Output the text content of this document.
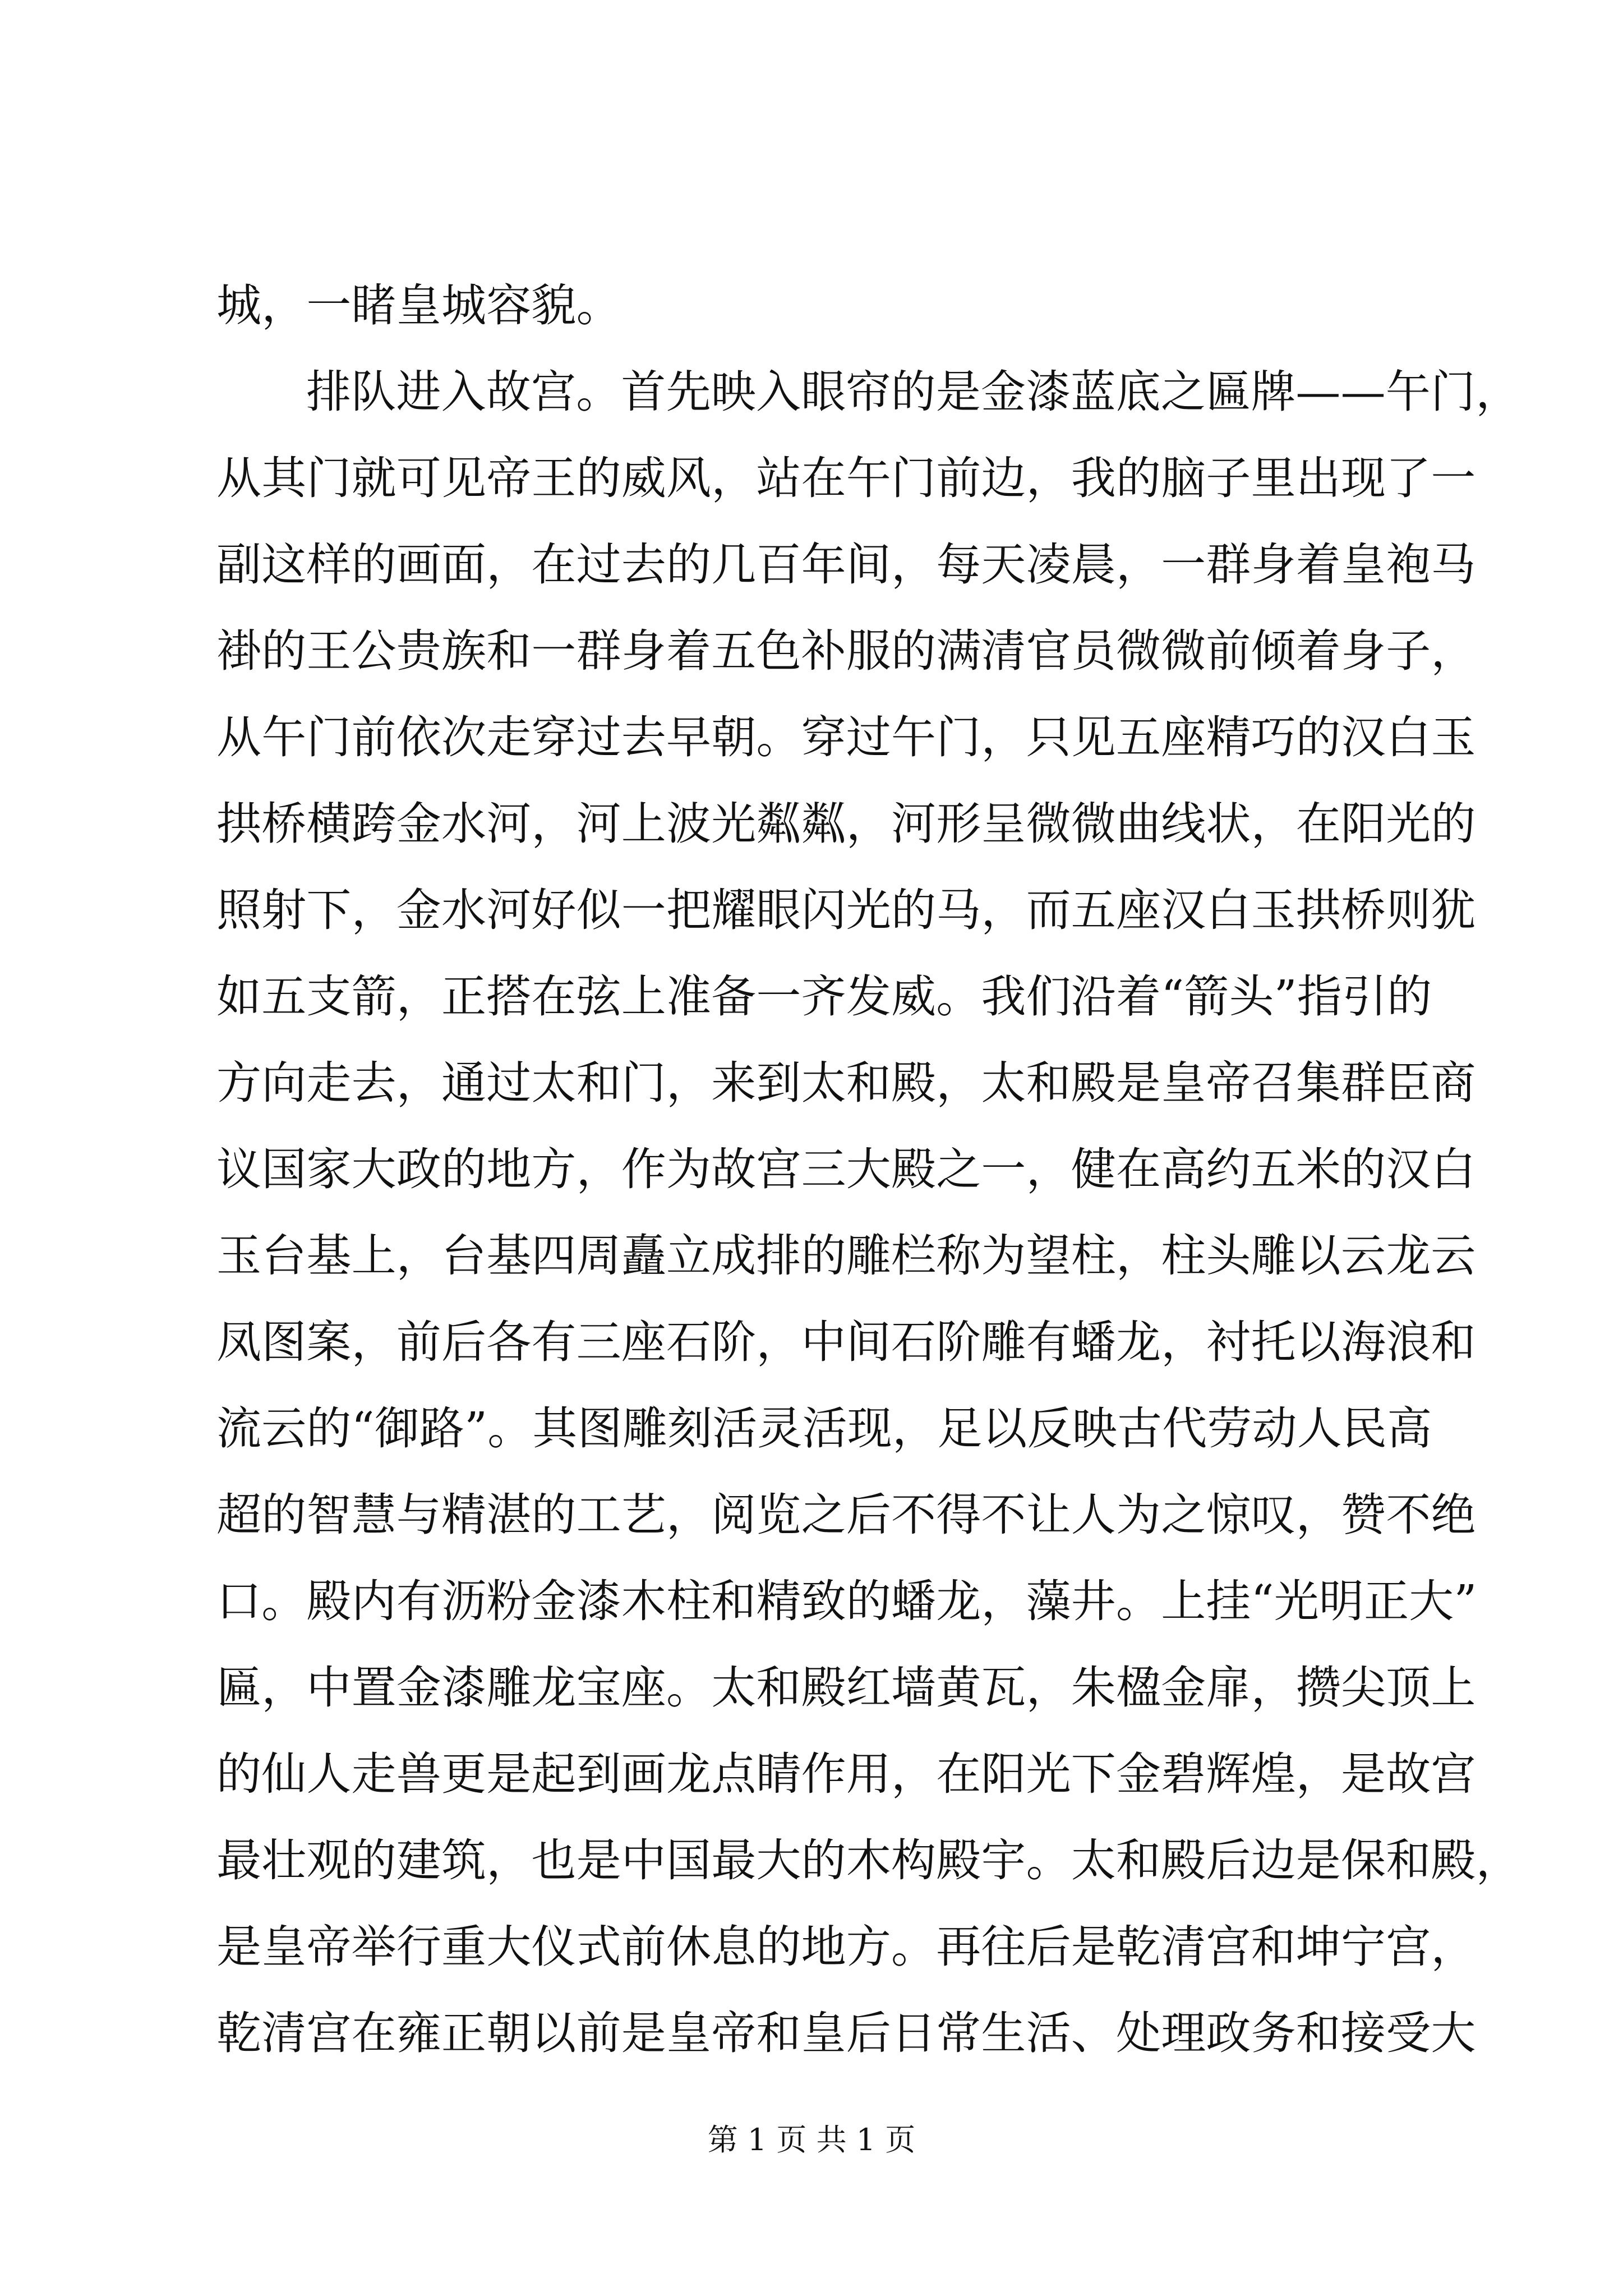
城，一睹皇城容貌。
排队进入故宫。首先映入眼帘的是金漆蓝底之匾牌——午门，
从其门就可见帝王的威风，站在午门前边，我的脑子里出现了一
副这样的画面，在过去的几百年间，每天凌晨，一群身着皇袍马
褂的王公贵族和一群身着五色补服的满清官员微微前倾着身子，
从午门前依次走穿过去早朝。穿过午门，只见五座精巧的汉白玉
拱桥横跨金水河，河上波光粼粼，河形呈微微曲线状，在阳光的
照射下，金水河好似一把耀眼闪光的马，而五座汉白玉拱桥则犹
如五支箭，正搭在弦上准备一齐发威。我们沿着“箭头”指引的
方向走去，通过太和门，来到太和殿，太和殿是皇帝召集群臣商
议国家大政的地方，作为故宫三大殿之一，健在高约五米的汉白
玉台基上，台基四周矗立成排的雕栏称为望柱，柱头雕以云龙云
凤图案，前后各有三座石阶，中间石阶雕有蟠龙，衬托以海浪和
流云的“御路”。其图雕刻活灵活现，足以反映古代劳动人民高
超的智慧与精湛的工艺，阅览之后不得不让人为之惊叹，赞不绝
口。殿内有沥粉金漆木柱和精致的蟠龙，藻井。上挂“光明正大”
匾，中置金漆雕龙宝座。太和殿红墙黄瓦，朱楹金扉，攒尖顶上
的仙人走兽更是起到画龙点睛作用，在阳光下金碧辉煌，是故宫
最壮观的建筑，也是中国最大的木构殿宇。太和殿后边是保和殿，
是皇帝举行重大仪式前休息的地方。再往后是乾清宫和坤宁宫，
乾清宫在雍正朝以前是皇帝和皇后日常生活、处理政务和接受大
第 1 页 共 1 页
